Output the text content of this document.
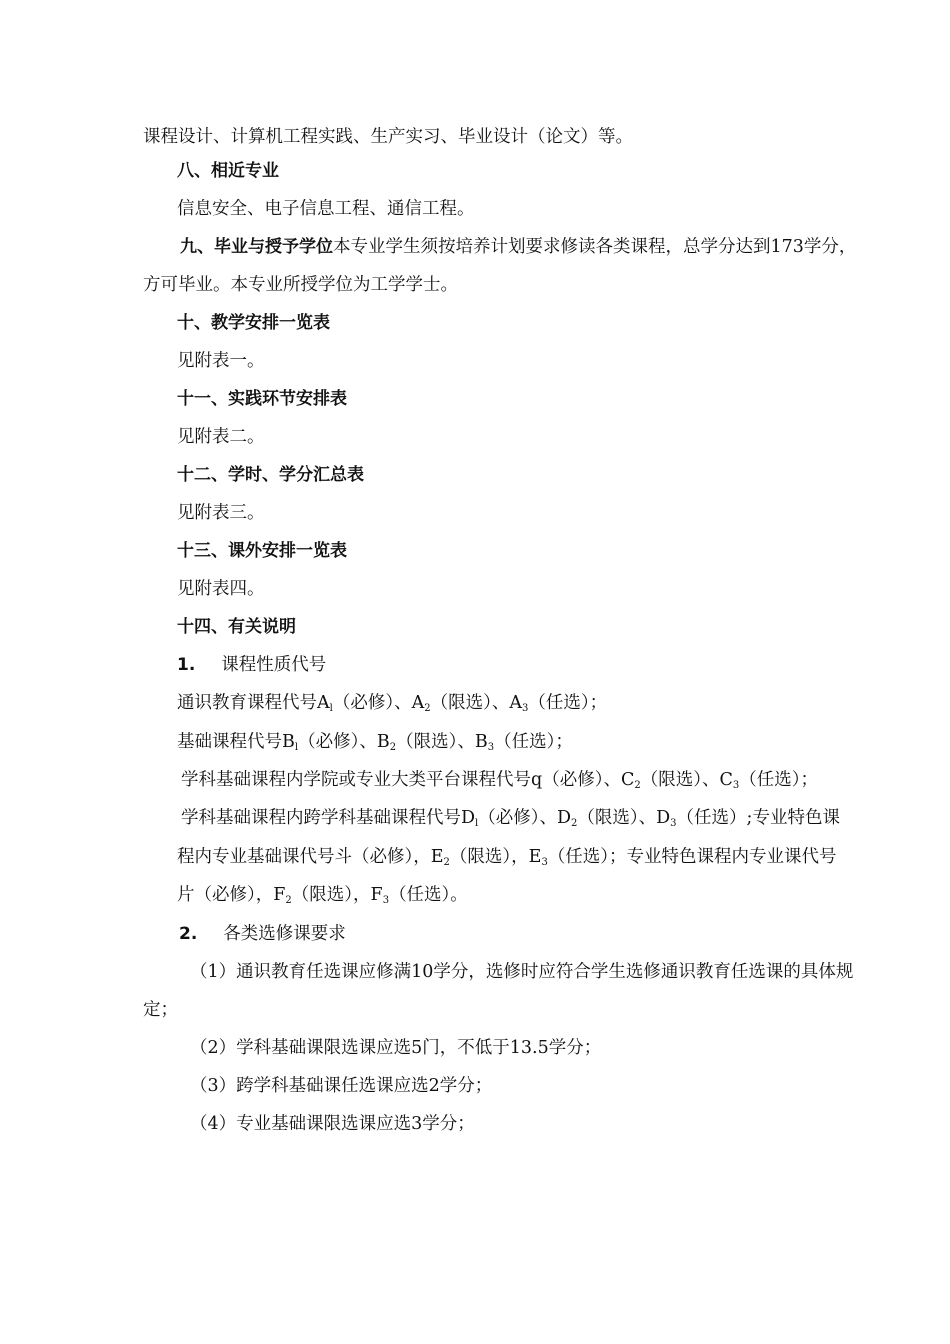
课程设计、计算机工程实践、生产实习、毕业设计（论文）等。
八、相近专业
信息安全、电子信息工程、通信工程。
九、毕业与授予学位本专业学生须按培养计划要求修读各类课程，总学分达到173学分，
方可毕业。本专业所授学位为工学学士。
十、教学安排一览表
见附表一。
十一、实践环节安排表
见附表二。
十二、学时、学分汇总表
见附表三。
十三、课外安排一览表
见附表四。
十四、有关说明
1. 课程性质代号
通识教育课程代号$A_l$（必修）、$A_2$（限选）、$A_3$（任选）；
基础课程代号$B_l$（必修）、$B_2$（限选）、$B_3$（任选）；
学科基础课程内学院或专业大类平台课程代号q（必修）、$C_2$（限选）、$C_3$（任选）；
学科基础课程内跨学科基础课程代号$D_l$（必修）、$D_2$（限选）、$D_3$（任选）;专业特色课
程内专业基础课代号斗（必修），$E_2$（限选），$E_3$（任选）；专业特色课程内专业课代号
片（必修），$F_2$（限选），$F_3$（任选）。
2. 各类选修课要求
（1）通识教育任选课应修满10学分，选修时应符合学生选修通识教育任选课的具体规
定；
（2）学科基础课限选课应选5门，不低于13.5学分；
（3）跨学科基础课任选课应选2学分；
（4）专业基础课限选课应选3学分；
